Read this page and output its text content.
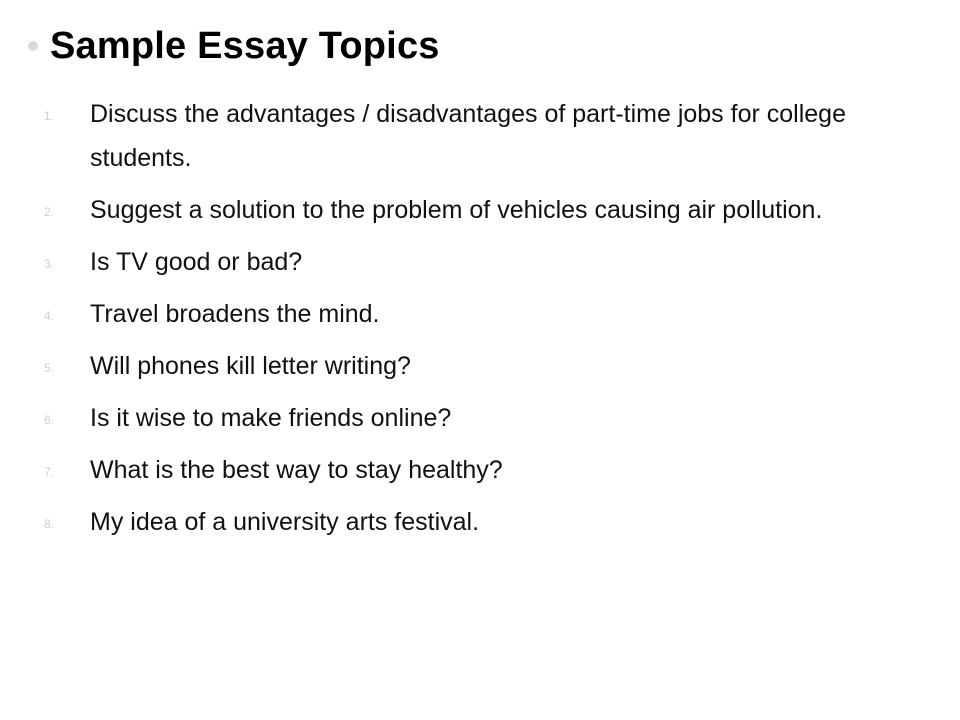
Sample Essay Topics
1.	Discuss the advantages / disadvantages of part-time jobs for college students.
2.	Suggest a solution to the problem of vehicles causing air pollution.
3.	Is TV good or bad?
4.	Travel broadens the mind.
5.	Will phones kill letter writing?
6.	Is it wise to make friends online?
7.	What is the best way to stay healthy?
8.	My idea of a university arts festival.
